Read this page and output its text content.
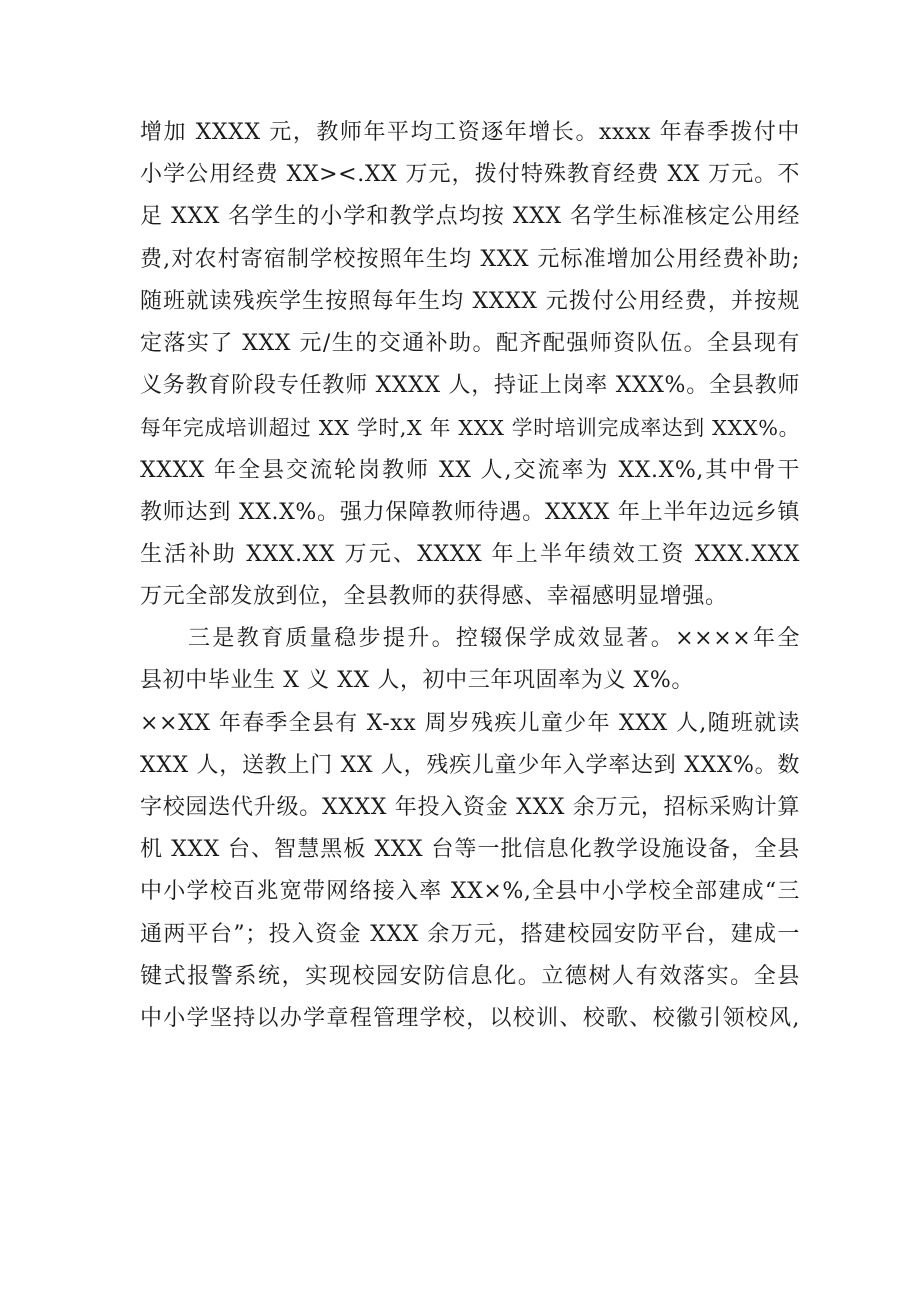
增加 XXXX 元，教师年平均工资逐年增长。xxxx 年春季拨付中
小学公用经费 XX><.XX 万元，拨付特殊教育经费 XX 万元。不
足 XXX 名学生的小学和教学点均按 XXX 名学生标准核定公用经
费,对农村寄宿制学校按照年生均 XXX 元标准增加公用经费补助;
随班就读残疾学生按照每年生均 XXXX 元拨付公用经费，并按规
定落实了 XXX 元/生的交通补助。配齐配强师资队伍。全县现有
义务教育阶段专任教师 XXXX 人，持证上岗率 XXX%。全县教师
每年完成培训超过 XX 学时,X 年 XXX 学时培训完成率达到 XXX%。
XXXX 年全县交流轮岗教师 XX 人,交流率为 XX.X%,其中骨干
教师达到 XX.X%。强力保障教师待遇。XXXX 年上半年边远乡镇
生活补助 XXX.XX 万元、XXXX 年上半年绩效工资 XXX.XXX
万元全部发放到位，全县教师的获得感、幸福感明显增强。
三是教育质量稳步提升。控辍保学成效显著。××××年全
县初中毕业生 X 义 XX 人，初中三年巩固率为义 X%。
××XX 年春季全县有 X-xx 周岁残疾儿童少年 XXX 人,随班就读
XXX 人，送教上门 XX 人，残疾儿童少年入学率达到 XXX%。数
字校园迭代升级。XXXX 年投入资金 XXX 余万元，招标采购计算
机 XXX 台、智慧黑板 XXX 台等一批信息化教学设施设备，全县
中小学校百兆宽带网络接入率 XX×%,全县中小学校全部建成“三
通两平台”；投入资金 XXX 余万元，搭建校园安防平台，建成一
键式报警系统，实现校园安防信息化。立德树人有效落实。全县
中小学坚持以办学章程管理学校，以校训、校歌、校徽引领校风,
